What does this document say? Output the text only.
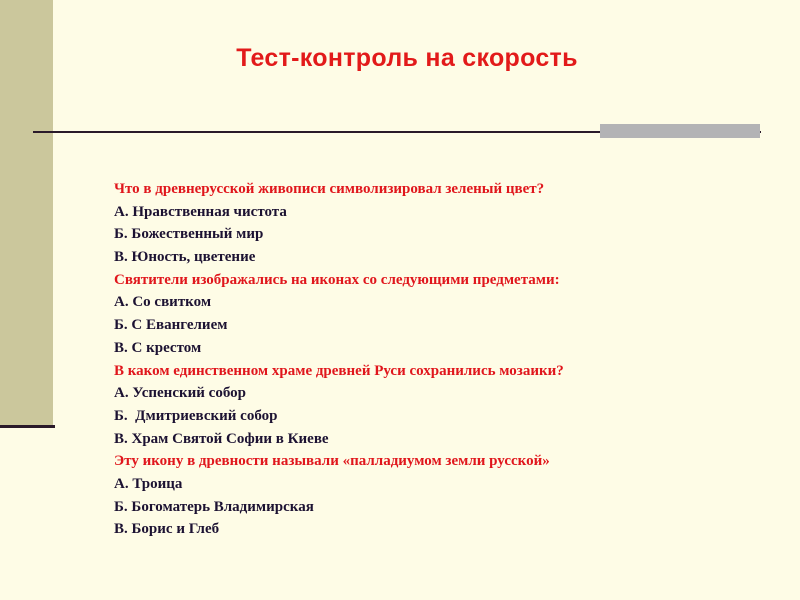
Тест-контроль на скорость
Что в древнерусской живописи символизировал зеленый цвет?
А. Нравственная чистота
Б. Божественный мир
В. Юность, цветение
Святители изображались на иконах со следующими предметами:
А. Со свитком
Б. С Евангелием
В. С крестом
В каком единственном храме древней Руси сохранились мозаики?
А. Успенский собор
Б.  Дмитриевский собор
В. Храм Святой Софии в Киеве
Эту икону в древности называли «палладиумом земли русской»
А. Троица
Б. Богоматерь Владимирская
В. Борис и Глеб
